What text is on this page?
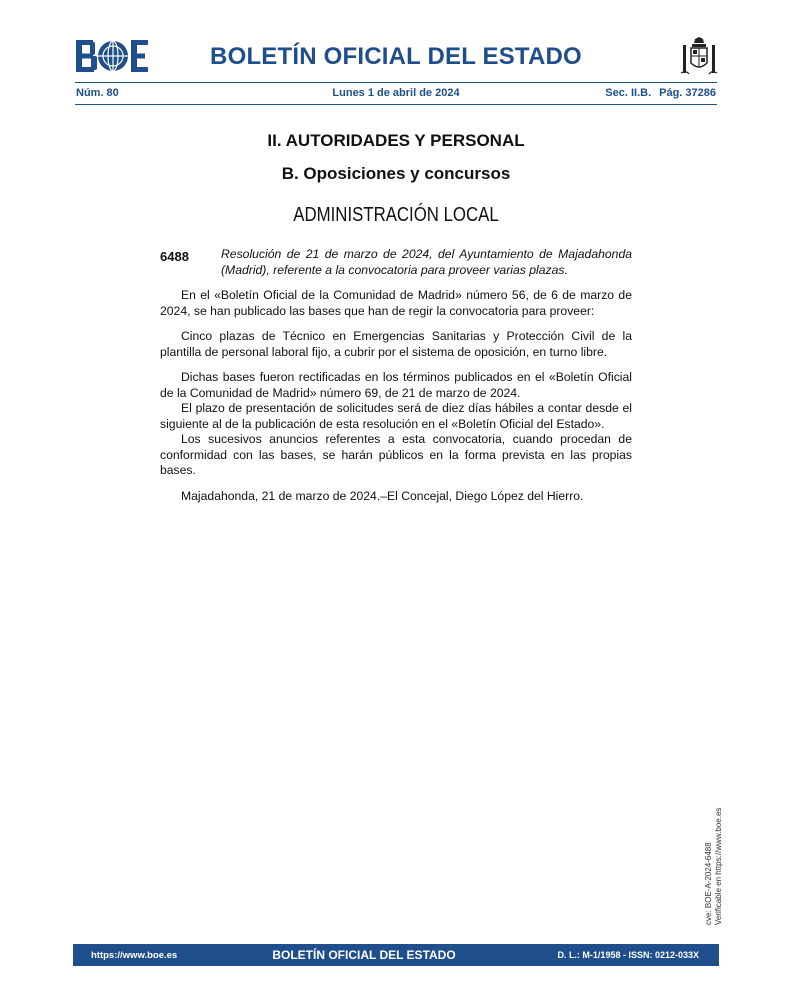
BOLETÍN OFICIAL DEL ESTADO
Núm. 80	Lunes 1 de abril de 2024	Sec. II.B. Pág. 37286
II. AUTORIDADES Y PERSONAL
B. Oposiciones y concursos
ADMINISTRACIÓN LOCAL
6488	Resolución de 21 de marzo de 2024, del Ayuntamiento de Majadahonda (Madrid), referente a la convocatoria para proveer varias plazas.

En el «Boletín Oficial de la Comunidad de Madrid» número 56, de 6 de marzo de 2024, se han publicado las bases que han de regir la convocatoria para proveer:

Cinco plazas de Técnico en Emergencias Sanitarias y Protección Civil de la plantilla de personal laboral fijo, a cubrir por el sistema de oposición, en turno libre.

Dichas bases fueron rectificadas en los términos publicados en el «Boletín Oficial de la Comunidad de Madrid» número 69, de 21 de marzo de 2024.

El plazo de presentación de solicitudes será de diez días hábiles a contar desde el siguiente al de la publicación de esta resolución en el «Boletín Oficial del Estado».

Los sucesivos anuncios referentes a esta convocatoria, cuando procedan de conformidad con las bases, se harán públicos en la forma prevista en las propias bases.

Majadahonda, 21 de marzo de 2024.–El Concejal, Diego López del Hierro.

cve: BOE-A-2024-6488 Verificable en https://www.boe.es
https://www.boe.es	BOLETÍN OFICIAL DEL ESTADO	D. L.: M-1/1958 - ISSN: 0212-033X
